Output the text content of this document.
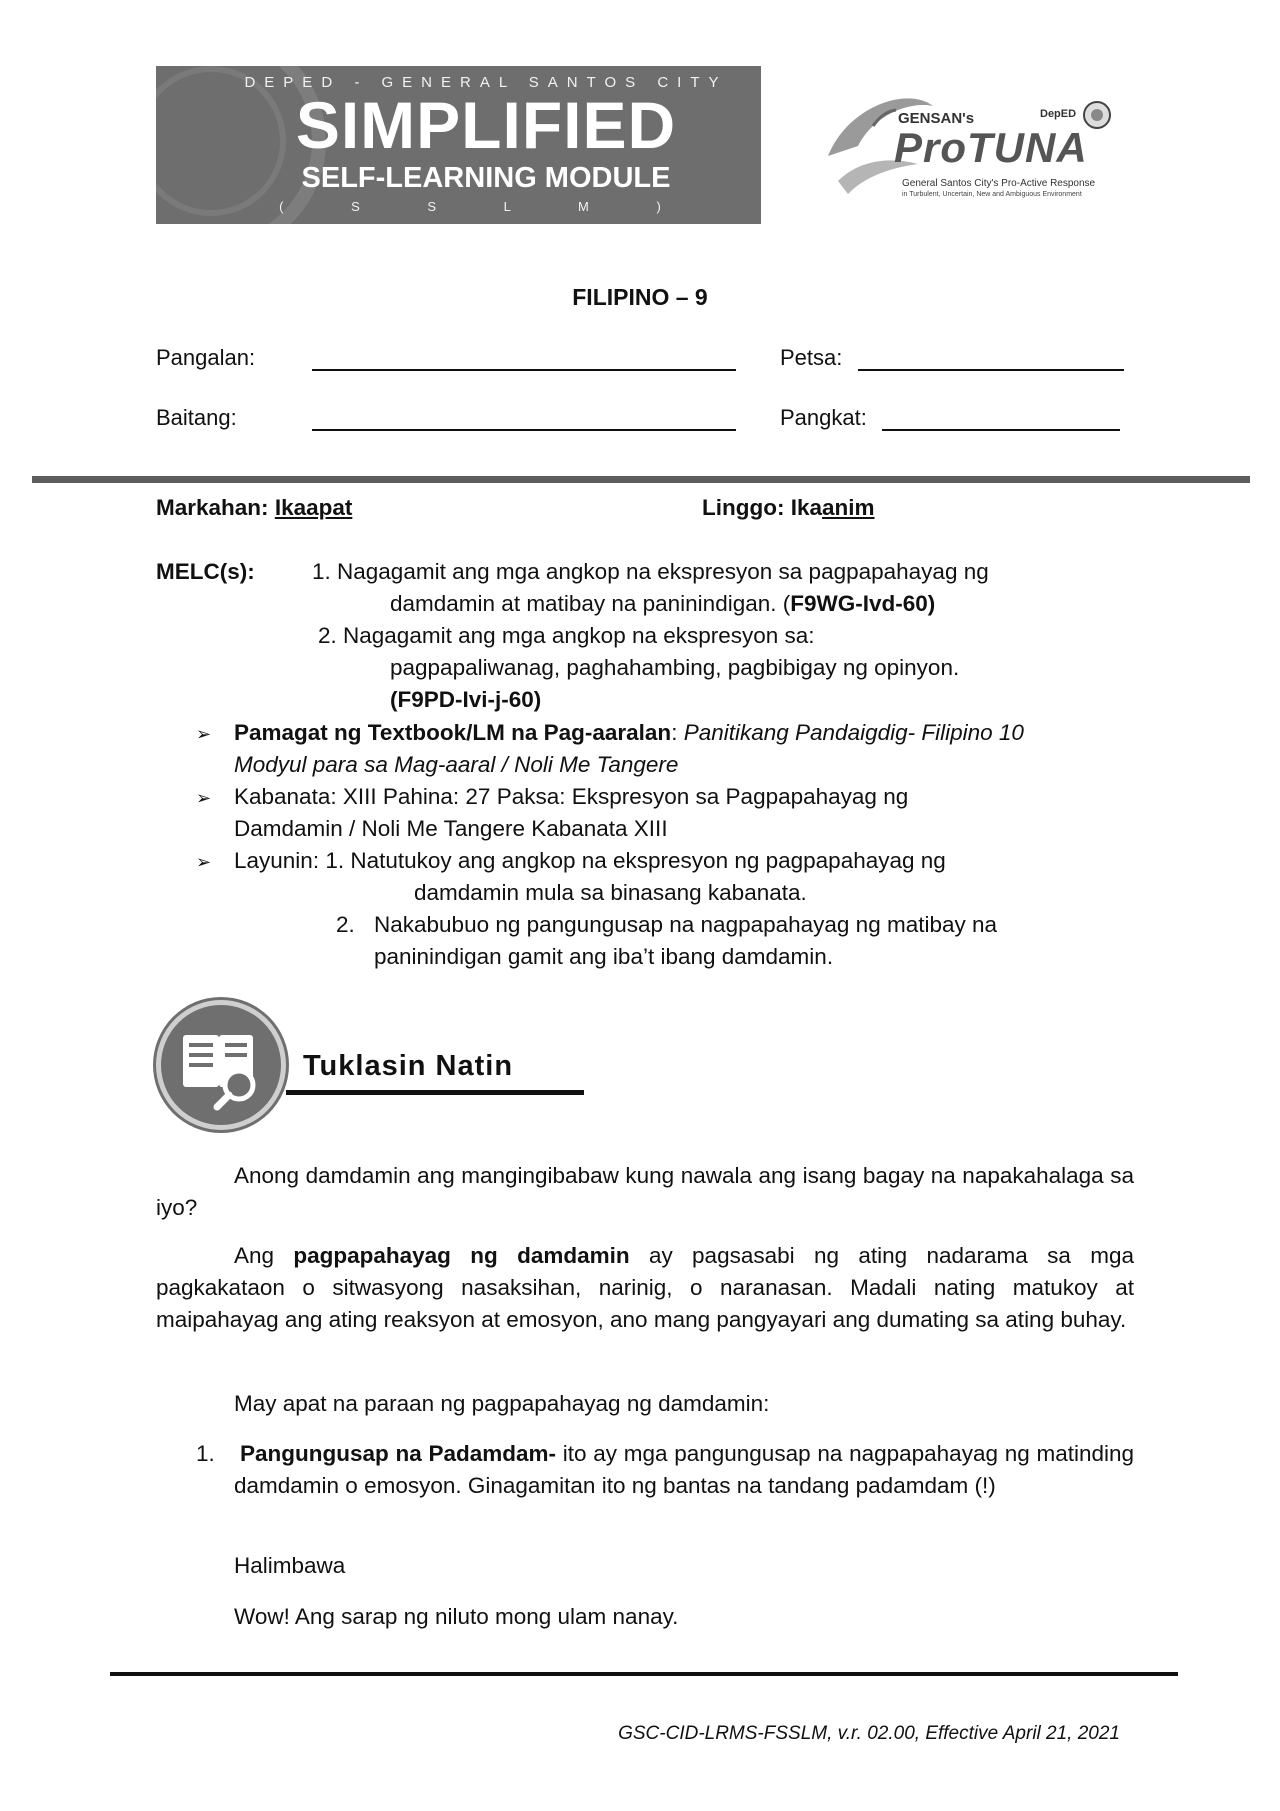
DEPED - GENERAL SANTOS CITY
SIMPLIFIED
SELF-LEARNING MODULE
( S S L M )
GENSAN's
ProTUNA
DepED
General Santos City's Pro-Active Response
in Turbulent, Uncertain, New and Ambiguous Environment
FILIPINO – 9
Pangalan:	Petsa:
Baitang:	Pangkat:
Markahan: Ikaapat	Linggo: Ikaanim
MELC(s):	1. Nagagamit ang mga angkop na ekspresyon sa pagpapahayag ng
damdamin at matibay na paninindigan. (F9WG-Ivd-60)
2. Nagagamit ang mga angkop na ekspresyon sa:
pagpapaliwanag, paghahambing, pagbibigay ng opinyon.
(F9PD-Ivi-j-60)
➢ Pamagat ng Textbook/LM na Pag-aaralan: Panitikang Pandaigdig- Filipino 10
Modyul para sa Mag-aaral / Noli Me Tangere
➢ Kabanata: XIII Pahina: 27 Paksa: Ekspresyon sa Pagpapahayag ng
Damdamin / Noli Me Tangere Kabanata XIII
➢ Layunin: 1. Natutukoy ang angkop na ekspresyon ng pagpapahayag ng
damdamin mula sa binasang kabanata.
2. Nakabubuo ng pangungusap na nagpapahayag ng matibay na
paninindigan gamit ang iba’t ibang damdamin.
Tuklasin Natin
Anong damdamin ang mangingibabaw kung nawala ang isang bagay na napakahalaga sa iyo?
Ang pagpapahayag ng damdamin ay pagsasabi ng ating nadarama sa mga pagkakataon o sitwasyong nasaksihan, narinig, o naranasan. Madali nating matukoy at maipahayag ang ating reaksyon at emosyon, ano mang pangyayari ang dumating sa ating buhay.
May apat na paraan ng pagpapahayag ng damdamin:
1. Pangungusap na Padamdam- ito ay mga pangungusap na nagpapahayag ng matinding damdamin o emosyon. Ginagamitan ito ng bantas na tandang padamdam (!)
Halimbawa
Wow! Ang sarap ng niluto mong ulam nanay.
GSC-CID-LRMS-FSSLM, v.r. 02.00, Effective April 21, 2021
